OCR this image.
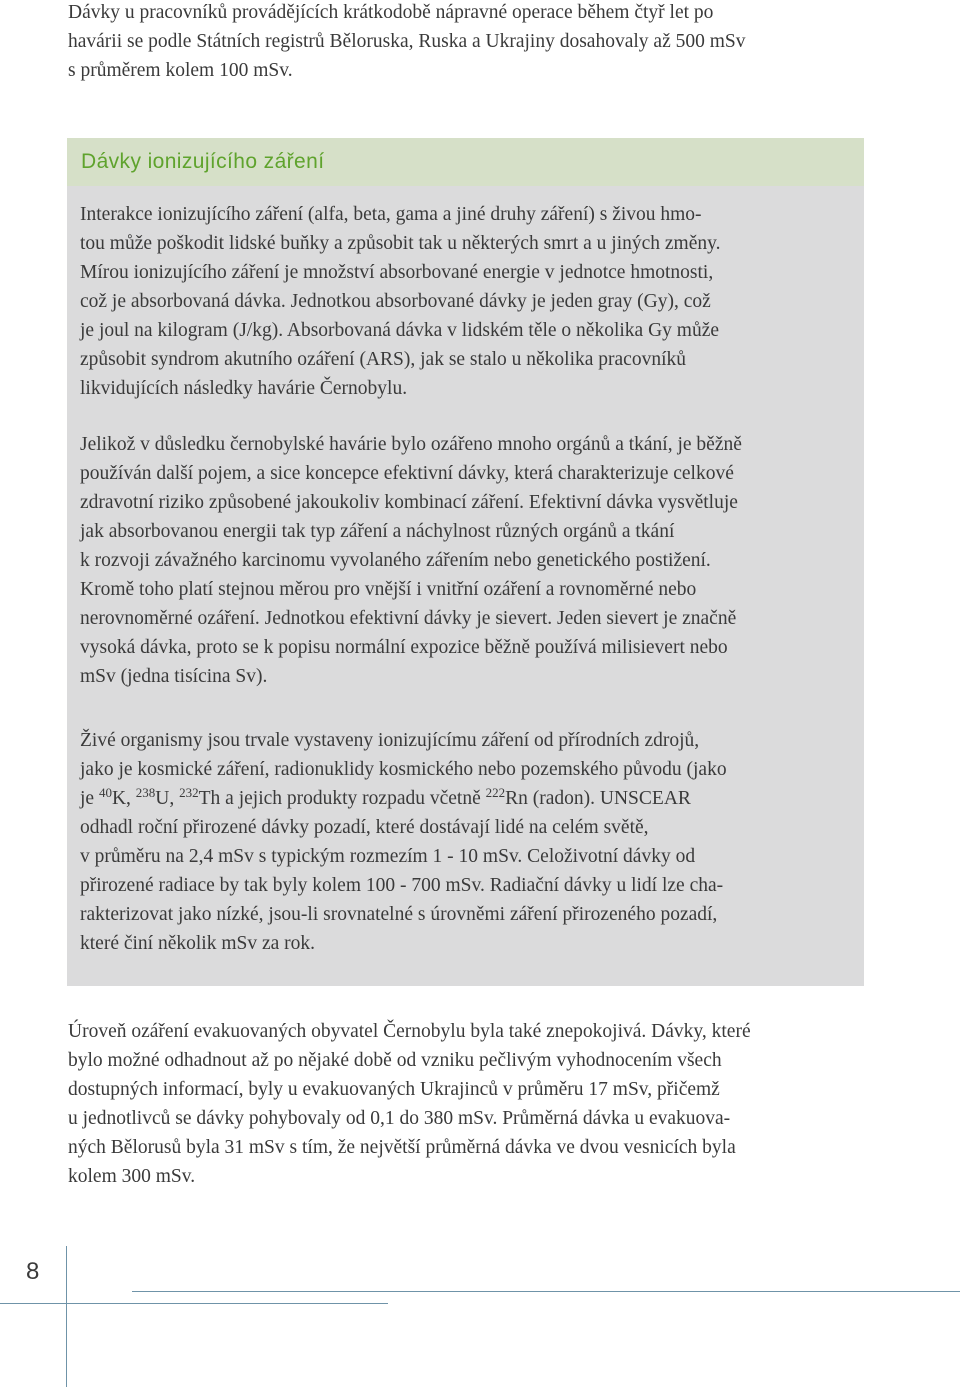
Dávky u pracovníků provádějících krátkodobě nápravné operace během čtyř let po
havárii se podle Státních registrů Běloruska, Ruska a Ukrajiny dosahovaly až 500 mSv
s průměrem kolem 100 mSv.
Dávky ionizujícího záření
Interakce ionizujícího záření (alfa, beta, gama a jiné druhy záření) s živou hmo-
tou může poškodit lidské buňky a způsobit tak u některých smrt a u jiných změny.
Mírou ionizujícího záření je množství absorbované energie v jednotce hmotnosti,
což je absorbovaná dávka. Jednotkou absorbované dávky je jeden gray (Gy), což
je joul na kilogram (J/kg). Absorbovaná dávka v lidském těle o několika Gy může
způsobit syndrom akutního ozáření (ARS), jak se stalo u několika pracovníků
likvidujících následky havárie Černobylu.
Jelikož v důsledku černobylské havárie bylo ozářeno mnoho orgánů a tkání, je běžně
používán další pojem, a sice koncepce efektivní dávky, která charakterizuje celkové
zdravotní riziko způsobené jakoukoliv kombinací záření. Efektivní dávka vysvětluje
jak absorbovanou energii tak typ záření a náchylnost různých orgánů a tkání
k rozvoji závažného karcinomu vyvolaného zářením nebo genetického postižení.
Kromě toho platí stejnou měrou pro vnější i vnitřní ozáření a rovnoměrné nebo
nerovnoměrné ozáření. Jednotkou efektivní dávky je sievert. Jeden sievert je značně
vysoká dávka, proto se k popisu normální expozice běžně používá milisievert nebo
mSv (jedna tisícina Sv).
Živé organismy jsou trvale vystaveny ionizujícímu záření od přírodních zdrojů,
jako je kosmické záření, radionuklidy kosmického nebo pozemského původu (jako
je $^{40}$K, $^{238}$U, $^{232}$Th a jejich produkty rozpadu včetně $^{222}$Rn (radon). UNSCEAR
odhadl roční přirozené dávky pozadí, které dostávají lidé na celém světě,
v průměru na 2,4 mSv s typickým rozmezím 1 - 10 mSv. Celoživotní dávky od
přirozené radiace by tak byly kolem 100 - 700 mSv. Radiační dávky u lidí lze cha-
rakterizovat jako nízké, jsou-li srovnatelné s úrovněmi záření přirozeného pozadí,
které činí několik mSv za rok.
Úroveň ozáření evakuovaných obyvatel Černobylu byla také znepokojivá. Dávky, které
bylo možné odhadnout až po nějaké době od vzniku pečlivým vyhodnocením všech
dostupných informací, byly u evakuovaných Ukrajinců v průměru 17 mSv, přičemž
u jednotlivců se dávky pohybovaly od 0,1 do 380 mSv. Průměrná dávka u evakuova-
ných Bělorusů byla 31 mSv s tím, že největší průměrná dávka ve dvou vesnicích byla
kolem 300 mSv.

8
